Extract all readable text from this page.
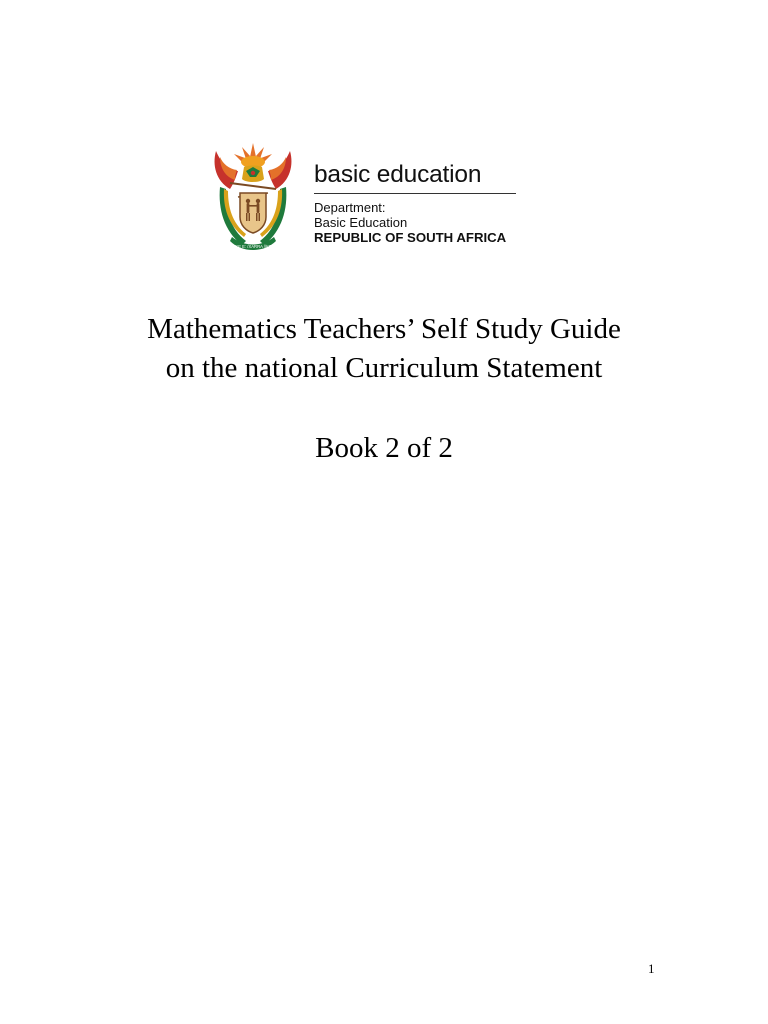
!KE E: /XARRA //KE
basic education
Department:
Basic Education
REPUBLIC OF SOUTH AFRICA
Mathematics Teachers’ Self Study Guide
on the national Curriculum Statement

Book 2 of 2

1
